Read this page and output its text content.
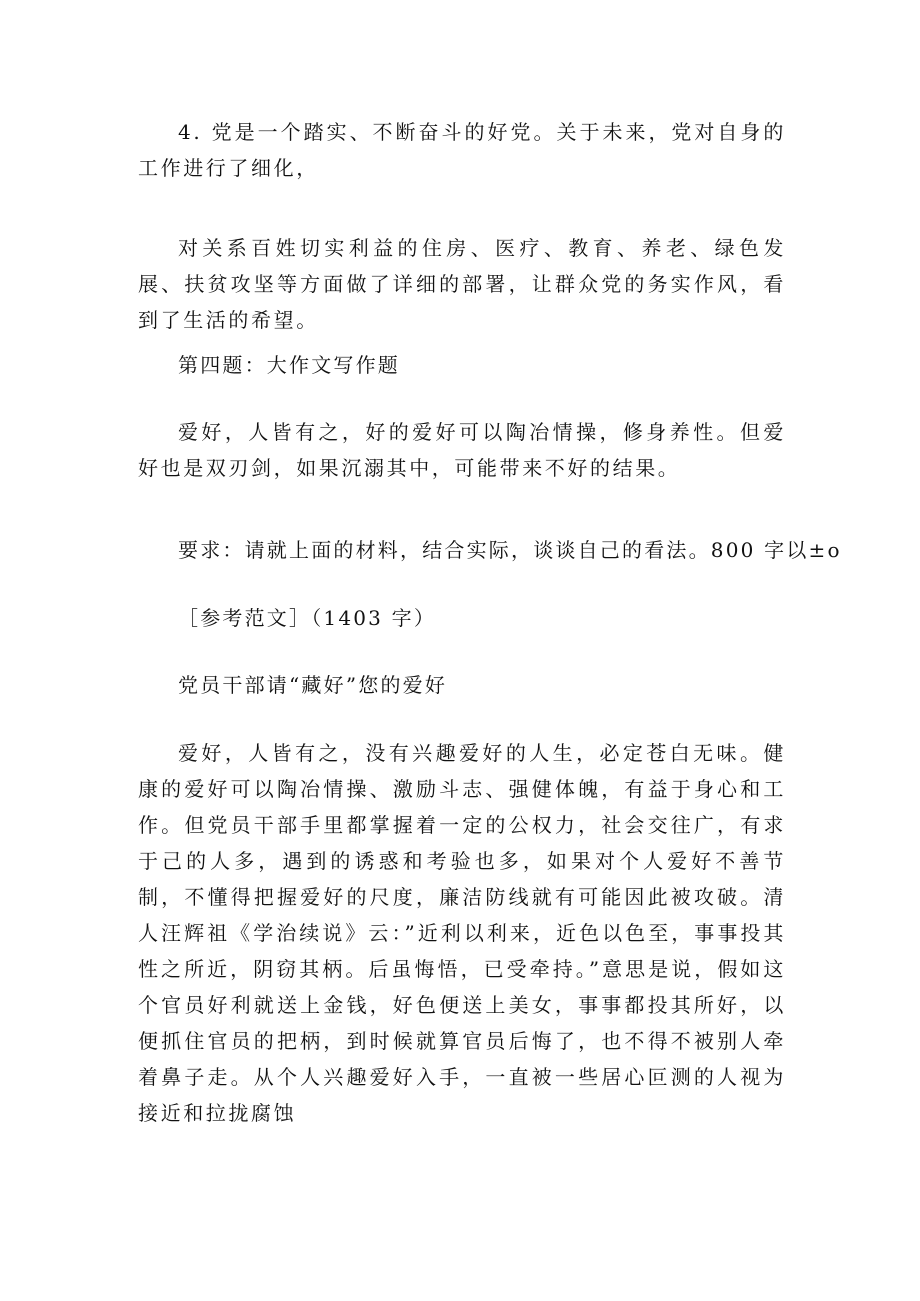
4. 党是一个踏实、不断奋斗的好党。关于未来，党对自身的工作进行了细化，

对关系百姓切实利益的住房、医疗、教育、养老、绿色发展、扶贫攻坚等方面做了详细的部署，让群众党的务实作风，看到了生活的希望。

第四题：大作文写作题

爱好，人皆有之，好的爱好可以陶冶情操，修身养性。但爱好也是双刃剑，如果沉溺其中，可能带来不好的结果。

要求：请就上面的材料，结合实际，谈谈自己的看法。800 字以±o

［参考范文］（1403 字）

党员干部请“藏好”您的爱好

爱好，人皆有之，没有兴趣爱好的人生，必定苍白无味。健康的爱好可以陶冶情操、激励斗志、强健体魄，有益于身心和工作。但党员干部手里都掌握着一定的公权力，社会交往广，有求于己的人多，遇到的诱惑和考验也多，如果对个人爱好不善节制，不懂得把握爱好的尺度，廉洁防线就有可能因此被攻破。清人汪辉祖《学治续说》云：”近利以利来，近色以色至，事事投其性之所近，阴窃其柄。后虽悔悟，已受牵持。”意思是说，假如这个官员好利就送上金钱，好色便送上美女，事事都投其所好，以便抓住官员的把柄，到时候就算官员后悔了，也不得不被别人牵着鼻子走。从个人兴趣爱好入手，一直被一些居心叵测的人视为接近和拉拢腐蚀
